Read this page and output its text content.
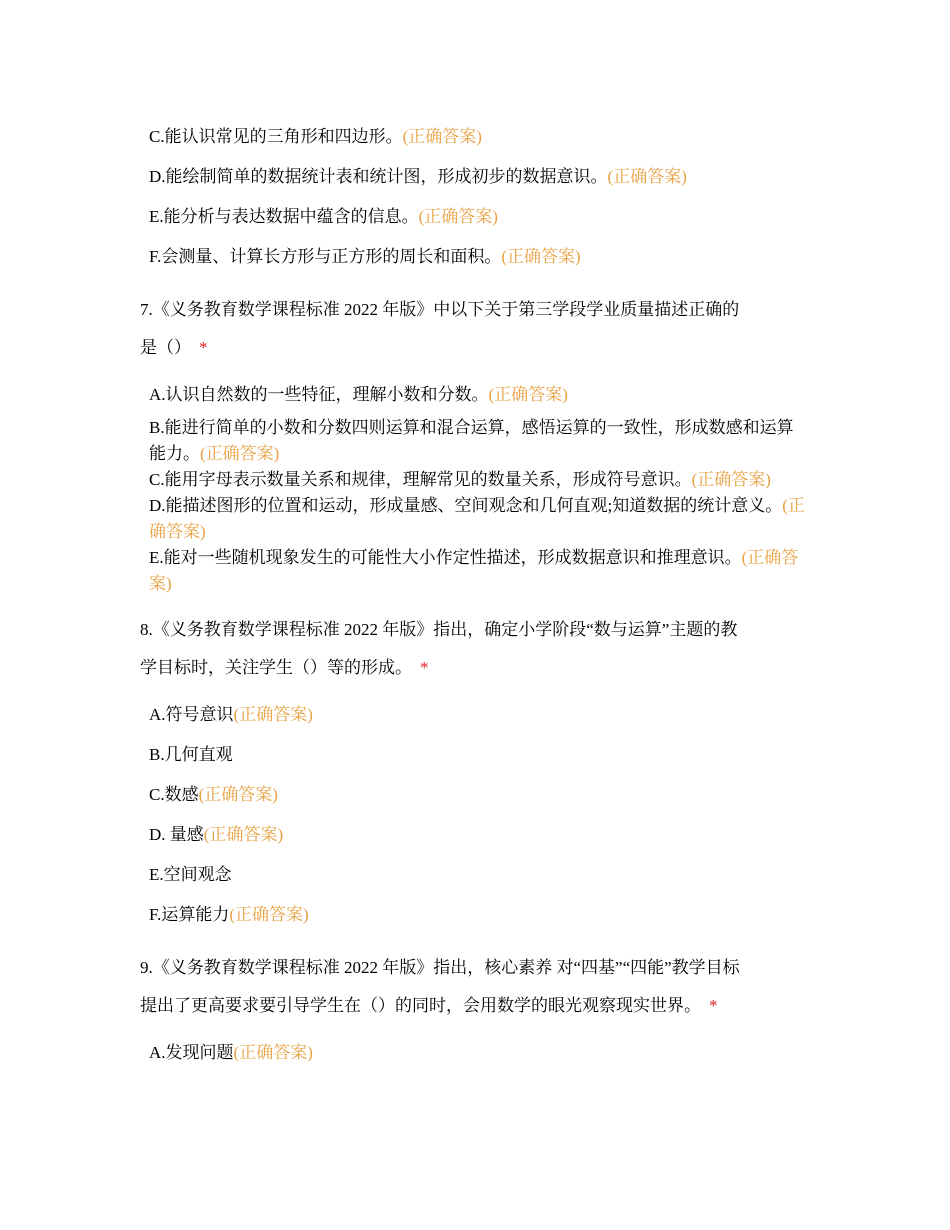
C.能认识常见的三角形和四边形。(正确答案)
D.能绘制简单的数据统计表和统计图，形成初步的数据意识。(正确答案)
E.能分析与表达数据中蕴含的信息。(正确答案)
F.会测量、计算长方形与正方形的周长和面积。(正确答案)
7.《义务教育数学课程标准 2022 年版》中以下关于第三学段学业质量描述正确的
是（） *
A.认识自然数的一些特征，理解小数和分数。(正确答案)
B.能进行简单的小数和分数四则运算和混合运算，感悟运算的一致性，形成数感和运算能力。(正确答案)
C.能用字母表示数量关系和规律，理解常见的数量关系，形成符号意识。(正确答案)
D.能描述图形的位置和运动，形成量感、空间观念和几何直观;知道数据的统计意义。(正确答案)
E.能对一些随机现象发生的可能性大小作定性描述，形成数据意识和推理意识。(正确答案)
8.《义务教育数学课程标准 2022 年版》指出，确定小学阶段“数与运算”主题的教
学目标时，关注学生（）等的形成。 *
A.符号意识(正确答案)
B.几何直观
C.数感(正确答案)
D. 量感(正确答案)
E.空间观念
F.运算能力(正确答案)
9.《义务教育数学课程标准 2022 年版》指出，核心素养 对“四基”“四能”教学目标
提出了更高要求要引导学生在（）的同时，会用数学的眼光观察现实世界。 *
A.发现问题(正确答案)
